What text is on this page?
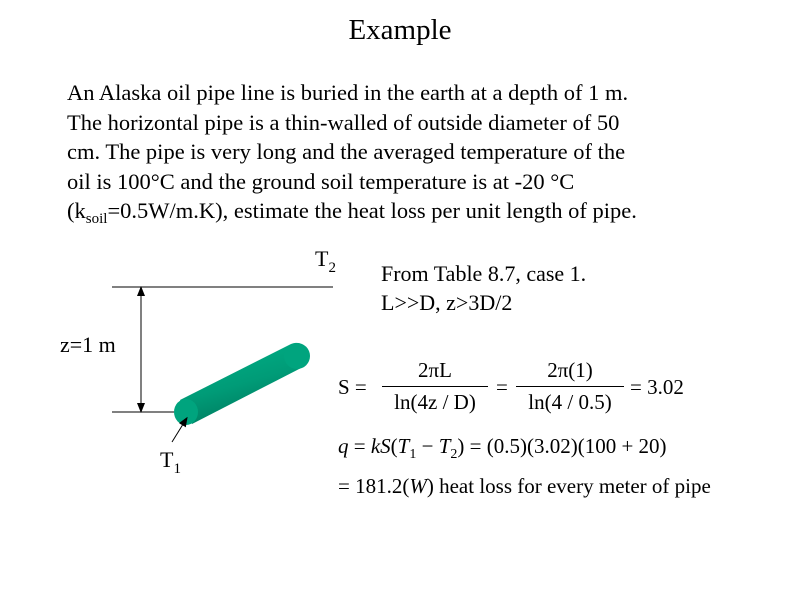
Example
An Alaska oil pipe line is buried in the earth at a depth of 1 m.
The horizontal pipe is a thin-walled of outside diameter of 50
cm. The pipe is very long and the averaged temperature of the
oil is 100°C and the ground soil temperature is at -20 °C
$(k_{soil}=0.5W/m.K)$, estimate the heat loss per unit length of pipe.
z=1 m
$T_2$
$T_1$
From Table 8.7, case 1.
L>>D, z>3D/2
$S = \frac{2\pi L}{\ln(4z / D)} = \frac{2\pi(1)}{\ln(4 / 0.5)} = 3.02$
$q = kS(T_1 - T_2) = (0.5)(3.02)(100 + 20)$
= 181.2(W) heat loss for every meter of pipe
